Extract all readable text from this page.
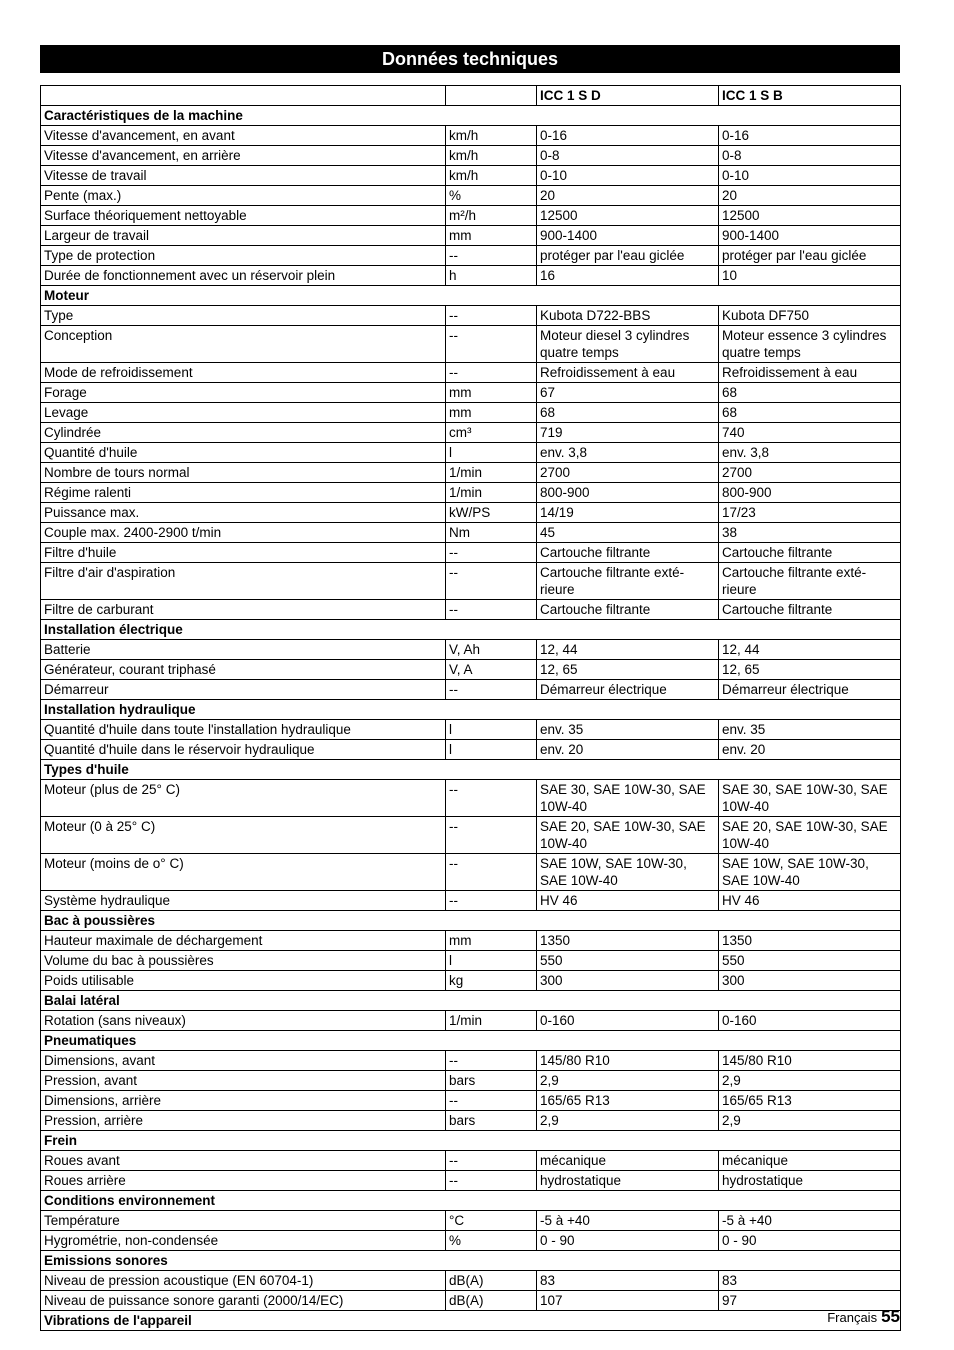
Données techniques
		ICC 1 S D	ICC 1 S B
Caractéristiques de la machine			
Vitesse d'avancement, en avant	km/h	0-16	0-16
Vitesse d'avancement, en arrière	km/h	0-8	0-8
Vitesse de travail	km/h	0-10	0-10
Pente (max.)	%	20	20
Surface théoriquement nettoyable	m²/h	12500	12500
Largeur de travail	mm	900-1400	900-1400
Type de protection	--	protéger par l'eau giclée	protéger par l'eau giclée
Durée de fonctionnement avec un réservoir plein	h	16	10
Moteur			
Type	--	Kubota D722-BBS	Kubota DF750
Conception	--	Moteur diesel 3 cylindres quatre temps	Moteur essence 3 cylindres quatre temps
Mode de refroidissement	--	Refroidissement à eau	Refroidissement à eau
Forage	mm	67	68
Levage	mm	68	68
Cylindrée	cm³	719	740
Quantité d'huile	l	env. 3,8	env. 3,8
Nombre de tours normal	1/min	2700	2700
Régime ralenti	1/min	800-900	800-900
Puissance max.	kW/PS	14/19	17/23
Couple max. 2400-2900 t/min	Nm	45	38
Filtre d'huile	--	Cartouche filtrante	Cartouche filtrante
Filtre d'air d'aspiration	--	Cartouche filtrante exté- rieure	Cartouche filtrante exté- rieure
Filtre de carburant	--	Cartouche filtrante	Cartouche filtrante
Installation électrique			
Batterie	V, Ah	12, 44	12, 44
Générateur, courant triphasé	V, A	12, 65	12, 65
Démarreur	--	Démarreur électrique	Démarreur électrique
Installation hydraulique			
Quantité d'huile dans toute l'installation hydraulique	l	env. 35	env. 35
Quantité d'huile dans le réservoir hydraulique	l	env. 20	env. 20
Types d'huile			
Moteur (plus de 25° C)	--	SAE 30, SAE 10W-30, SAE 10W-40	SAE 30, SAE 10W-30, SAE 10W-40
Moteur (0 à 25° C)	--	SAE 20, SAE 10W-30, SAE 10W-40	SAE 20, SAE 10W-30, SAE 10W-40
Moteur (moins de o° C)	--	SAE 10W, SAE 10W-30, SAE 10W-40	SAE 10W, SAE 10W-30, SAE 10W-40
Système hydraulique	--	HV 46	HV 46
Bac à poussières			
Hauteur maximale de déchargement	mm	1350	1350
Volume du bac à poussières	l	550	550
Poids utilisable	kg	300	300
Balai latéral			
Rotation (sans niveaux)	1/min	0-160	0-160
Pneumatiques			
Dimensions, avant	--	145/80 R10	145/80 R10
Pression, avant	bars	2,9	2,9
Dimensions, arrière	--	165/65 R13	165/65 R13
Pression, arrière	bars	2,9	2,9
Frein			
Roues avant	--	mécanique	mécanique
Roues arrière	--	hydrostatique	hydrostatique
Conditions environnement			
Température	°C	-5 à +40	-5 à +40
Hygrométrie, non-condensée	%	0 - 90	0 - 90
Emissions sonores			
Niveau de pression acoustique (EN 60704-1)	dB(A)	83	83
Niveau de puissance sonore garanti (2000/14/EC)	dB(A)	107	97
Vibrations de l'appareil				Français 55
